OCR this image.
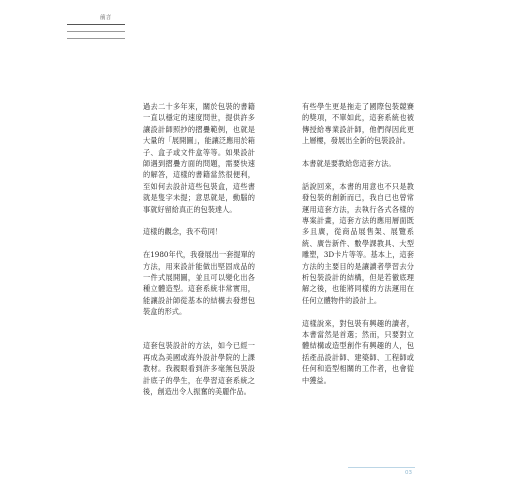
前言

過去二十多年來，關於包裝的書籍一直以穩定的速度問世，提供許多讓設計師照抄的摺疊範例，也就是大量的「展開圖」，能讓泛應用於箱子、盒子或文件盒等等。如果設計師遇到摺疊方面的問題，需要快速的解答，這樣的書籍當然很便利，至如何去設計這些包裝盒，這些書就是隻字未提；意思就是，動腦的事就好留給真正的包裝達人。

這樣的觀念，我不苟同！

在1980年代，我發展出一套提單的方法，用來設計能做出堅固成品的一件式展開圖，並且可以變化出各種立體造型。這套系統非常實用，能讓設計師從基本的結構去發想包裝盒的形式。

這套包裝設計的方法，如今已經一再成為美國或海外設計學院的上課教材。我親眼看到許多毫無包裝設計底子的學生，在學習這套系統之後，創造出令人振奮的美麗作品。

有些學生更是拖走了國際包裝競賽的獎項，不單如此，這套系統也被傳授給專業設計師，他們得因此更上層樓，發展出全新的包裝設計。

本書就是要教給您這套方法。

話說回來，本書的用意也不只是教發包裝的創新而已，我自已也曾常運用這套方法，去執行各式各樣的專案計畫，這套方法的應用層面既多且廣，從商品展售架、展覽系統、廣告新件、數學課教具、大型雕塑，3D卡片等等。基本上，這套方法的主要目的是讓讀者學習去分析包裝設計的結構，但是若徹底理解之後，也能將同樣的方法運用在任何立體物件的設計上。

這樣說來，對包裝有興趣的讀者，本書當然是首選；然而，只要對立體結構或造型創作有興趣的人，包括產品設計師、建築師、工程師或任何和造型相關的工作者，也會從中獲益。

03
